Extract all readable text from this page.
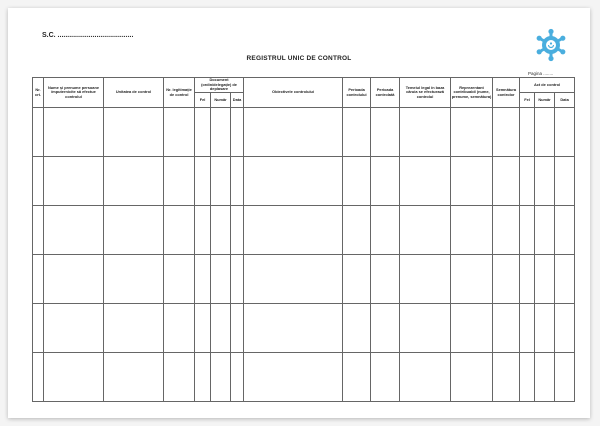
S.C. .......................................
REGISTRUL UNIC DE CONTROL
Pagina ........
Nr. crt.	Nume și prenume persoane împuternicite să efectue controlul	Unitatea de control	Nr. legitimație de control	Document (ordin/delegație) de deplasare			Obiectivele controlului	Perioada controlului	Perioada controlată	Temeiul legal în baza căruia se efectuează controlul	Reprezentant contribuabil (nume, prenume, semnătura)	Semnătura controlor	Act de control		
				Fel	Număr	Data							Fel	Număr	Data
